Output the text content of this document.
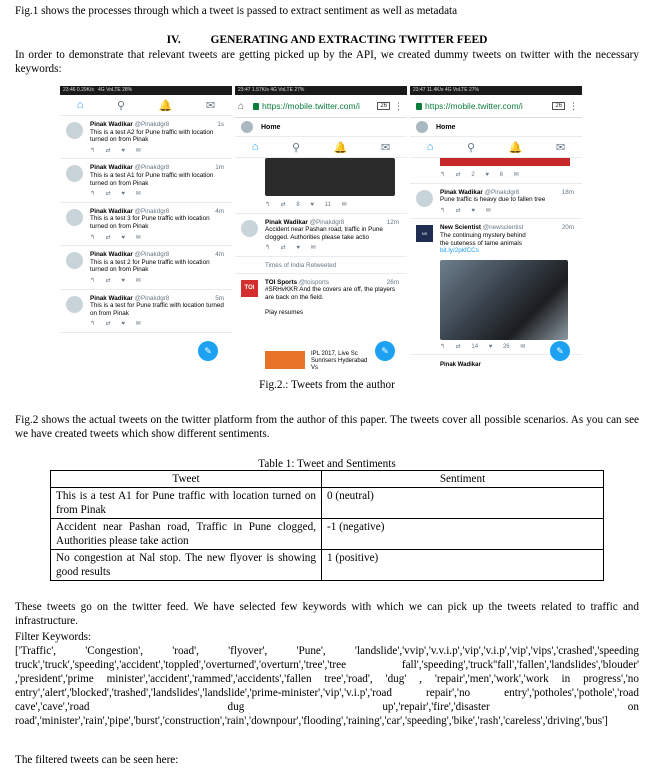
Fig.1 shows the processes through which a tweet is passed to extract sentiment as well as metadata
IV.	GENERATING AND EXTRACTING TWITTER FEED
In order to demonstrate that relevant tweets are getting picked up by the API, we created dummy tweets on twitter with the necessary keywords:
23:46 0.29K/s   4G VoLTE 28%
⌂	⚲	🔔	✉
Pinak Wadikar @Pinakdgr8	1s
This is a test A2 for Pune traffic with location turned on from Pinak
↰ ⇄ ♥ ✉
Pinak Wadikar @Pinakdgr8	1m
This is a test A1 for Pune traffic with location turned on from Pinak
↰ ⇄ ♥ ✉
Pinak Wadikar @Pinakdgr8	4m
This is a test 3 for Pune traffic with location turned on from Pinak
↰ ⇄ ♥ ✉
Pinak Wadikar @Pinakdgr8	4m
This is a test 2 for Pune traffic with location turned on from Pinak
↰ ⇄ ♥ ✉
Pinak Wadikar @Pinakdgr8	5m
This is a test for Pune traffic with location turned on from Pinak
↰ ⇄ ♥ ✉
✎
23:47 1.57K/s 4G VoLTE 27%
⌂ https://mobile.twitter.com/i	26 ⋮
Home
⌂	⚲	🔔	✉
↰ ⇄ 8 ♥ 11 ✉
Pinak Wadikar @Pinakdgr8	12m
Accident near Pashan road, traffic in Pune clogged. Authorities please take actio
↰ ⇄ ♥ ✉
Times of India Retweeted
TOI
TOI Sports @toisports	26m
#SRHvKKR And the covers are off, the players are back on the field.
Play resumes
IPL 2017, Live Sc Sunrisers Hyderabad Vs
✎
23:47 11.4K/s 4G VoLTE 27%
https://mobile.twitter.com/i	26 ⋮
Home
⌂	⚲	🔔	✉
↰ ⇄ 2 ♥ 6 ✉
Pinak Wadikar @Pinakdgr8	18m
Pune traffic is heavy due to fallen tree
↰ ⇄ ♥ ✉
NS
New Scientist @newscientist	20m
The continuing mystery behind the cuteness of tame animals bit.ly/2pkfCCs
↰ ⇄ 14 ♥ 26 ✉
Pinak Wadikar
✎
Fig.2.: Tweets from the author
Fig.2 shows the actual tweets on the twitter platform from the author of this paper. The tweets cover all possible scenarios. As you can see we have created tweets which show different sentiments.
Table 1: Tweet and Sentiments
Tweet	Sentiment
This is a test A1 for Pune traffic with location turned on from Pinak	0 (neutral)
Accident near Pashan road, Traffic in Pune clogged, Authorities please take action	-1 (negative)
No congestion at Nal stop. The new flyover is showing good results	1 (positive)
These tweets go on the twitter feed. We have selected few keywords with which we can pick up the tweets related to traffic and infrastructure.
Filter Keywords:
['Traffic', 'Congestion', 'road', 'flyover', 'Pune', 'landslide','vvip','v.v.i.p','vip','v.i.p','vip','vips','crashed','speeding truck','truck','speeding','accident','toppled','overturned','overturn','tree','tree fall','speeding','truck''fall','fallen','landslides','blouder' ,'president','prime minister','accident','rammed','accidents','fallen tree','road', 'dug' , 'repair','men','work','work in progress','no entry','alert','blocked','trashed','landslides','landslide','prime-minister','vip','v.i.p','road repair','no entry','potholes','pothole','road cave','cave','road dug up','repair','fire','disaster on road','minister','rain','pipe','burst','construction','rain','downpour','flooding','raining','car','speeding','bike','rash','careless','driving','bus']
The filtered tweets can be seen here:
